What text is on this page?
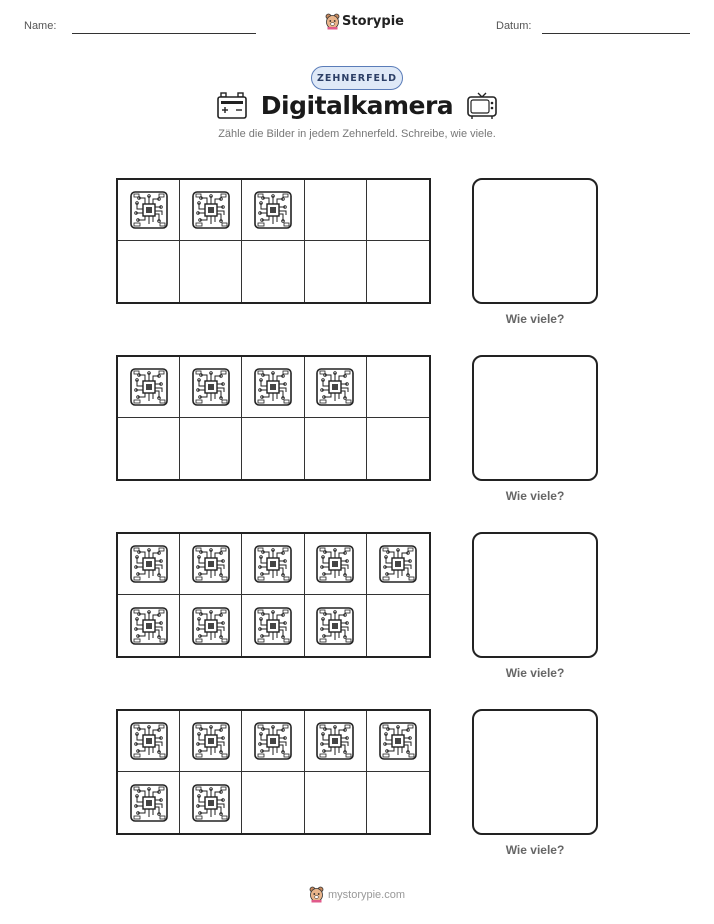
Name:	Storypie	Datum:
ZEHNERFELD
Digitalkamera
Zähle die Bilder in jedem Zehnerfeld. Schreibe, wie viele.
Wie viele?
Wie viele?
Wie viele?
Wie viele?
mystorypie.com
